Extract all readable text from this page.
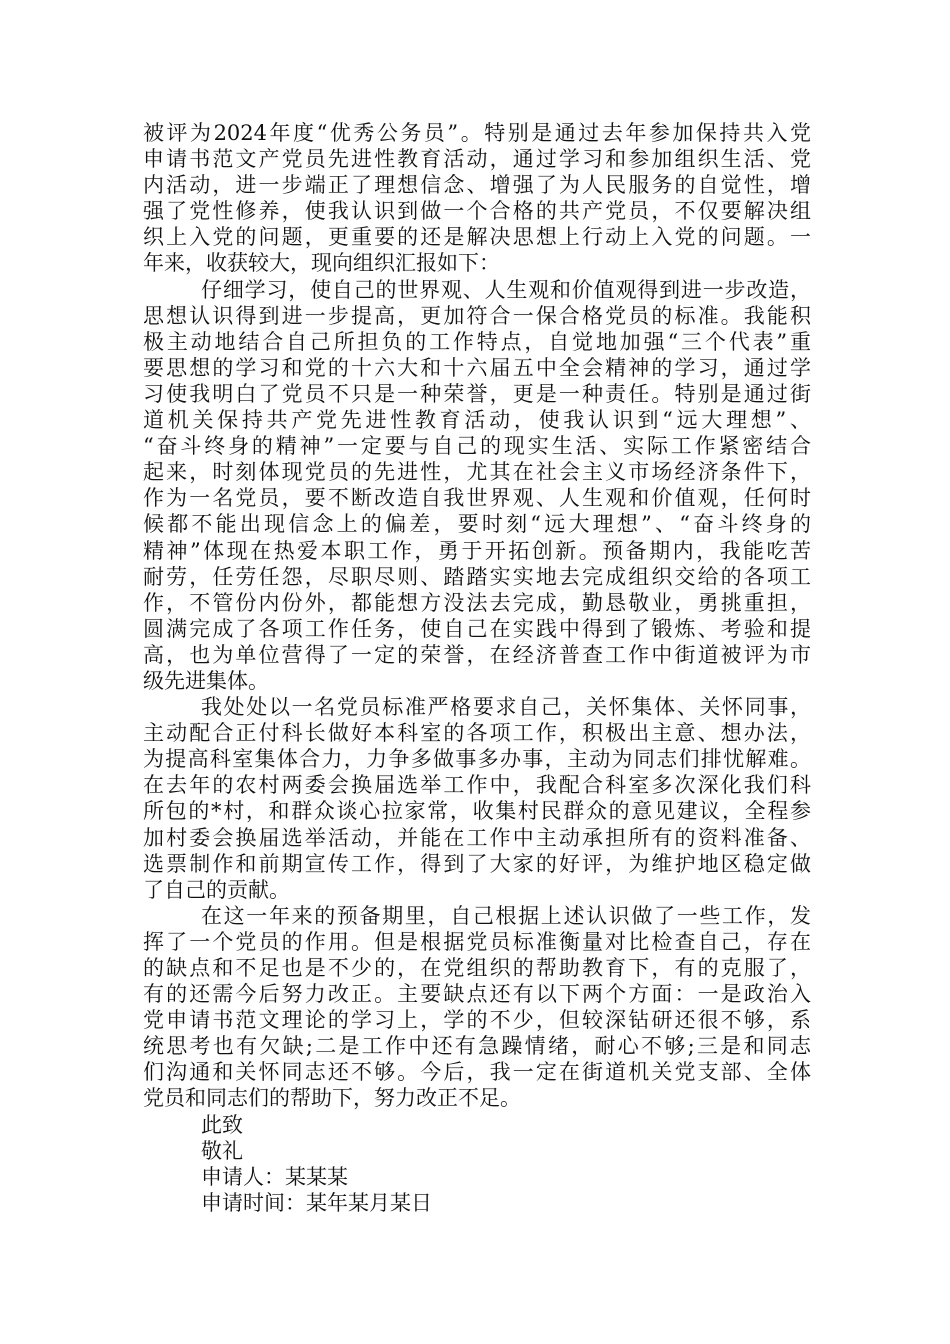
被评为2024年度“优秀公务员”。特别是通过去年参加保持共入党
申请书范文产党员先进性教育活动，通过学习和参加组织生活、党
内活动，进一步端正了理想信念、增强了为人民服务的自觉性，增
强了党性修养，使我认识到做一个合格的共产党员，不仅要解决组
织上入党的问题，更重要的还是解决思想上行动上入党的问题。一
年来，收获较大，现向组织汇报如下：
仔细学习，使自己的世界观、人生观和价值观得到进一步改造，
思想认识得到进一步提高，更加符合一保合格党员的标准。我能积
极主动地结合自己所担负的工作特点，自觉地加强“三个代表”重
要思想的学习和党的十六大和十六届五中全会精神的学习，通过学
习使我明白了党员不只是一种荣誉，更是一种责任。特别是通过街
道机关保持共产党先进性教育活动，使我认识到“远大理想”、
“奋斗终身的精神”一定要与自己的现实生活、实际工作紧密结合
起来，时刻体现党员的先进性，尤其在社会主义市场经济条件下，
作为一名党员，要不断改造自我世界观、人生观和价值观，任何时
候都不能出现信念上的偏差，要时刻“远大理想”、“奋斗终身的
精神”体现在热爱本职工作，勇于开拓创新。预备期内，我能吃苦
耐劳，任劳任怨，尽职尽则、踏踏实实地去完成组织交给的各项工
作，不管份内份外，都能想方没法去完成，勤恳敬业，勇挑重担，
圆满完成了各项工作任务，使自己在实践中得到了锻炼、考验和提
高，也为单位营得了一定的荣誉，在经济普查工作中街道被评为市
级先进集体。
我处处以一名党员标准严格要求自己，关怀集体、关怀同事，
主动配合正付科长做好本科室的各项工作，积极出主意、想办法，
为提高科室集体合力，力争多做事多办事，主动为同志们排忧解难。
在去年的农村两委会换届选举工作中，我配合科室多次深化我们科
所包的*村，和群众谈心拉家常，收集村民群众的意见建议，全程参
加村委会换届选举活动，并能在工作中主动承担所有的资料准备、
选票制作和前期宣传工作，得到了大家的好评，为维护地区稳定做
了自己的贡献。
在这一年来的预备期里，自己根据上述认识做了一些工作，发
挥了一个党员的作用。但是根据党员标准衡量对比检查自己，存在
的缺点和不足也是不少的，在党组织的帮助教育下，有的克服了，
有的还需今后努力改正。主要缺点还有以下两个方面：一是政治入
党申请书范文理论的学习上，学的不少，但较深钻研还很不够，系
统思考也有欠缺;二是工作中还有急躁情绪，耐心不够;三是和同志
们沟通和关怀同志还不够。今后，我一定在街道机关党支部、全体
党员和同志们的帮助下，努力改正不足。
此致
敬礼
申请人：某某某
申请时间：某年某月某日
